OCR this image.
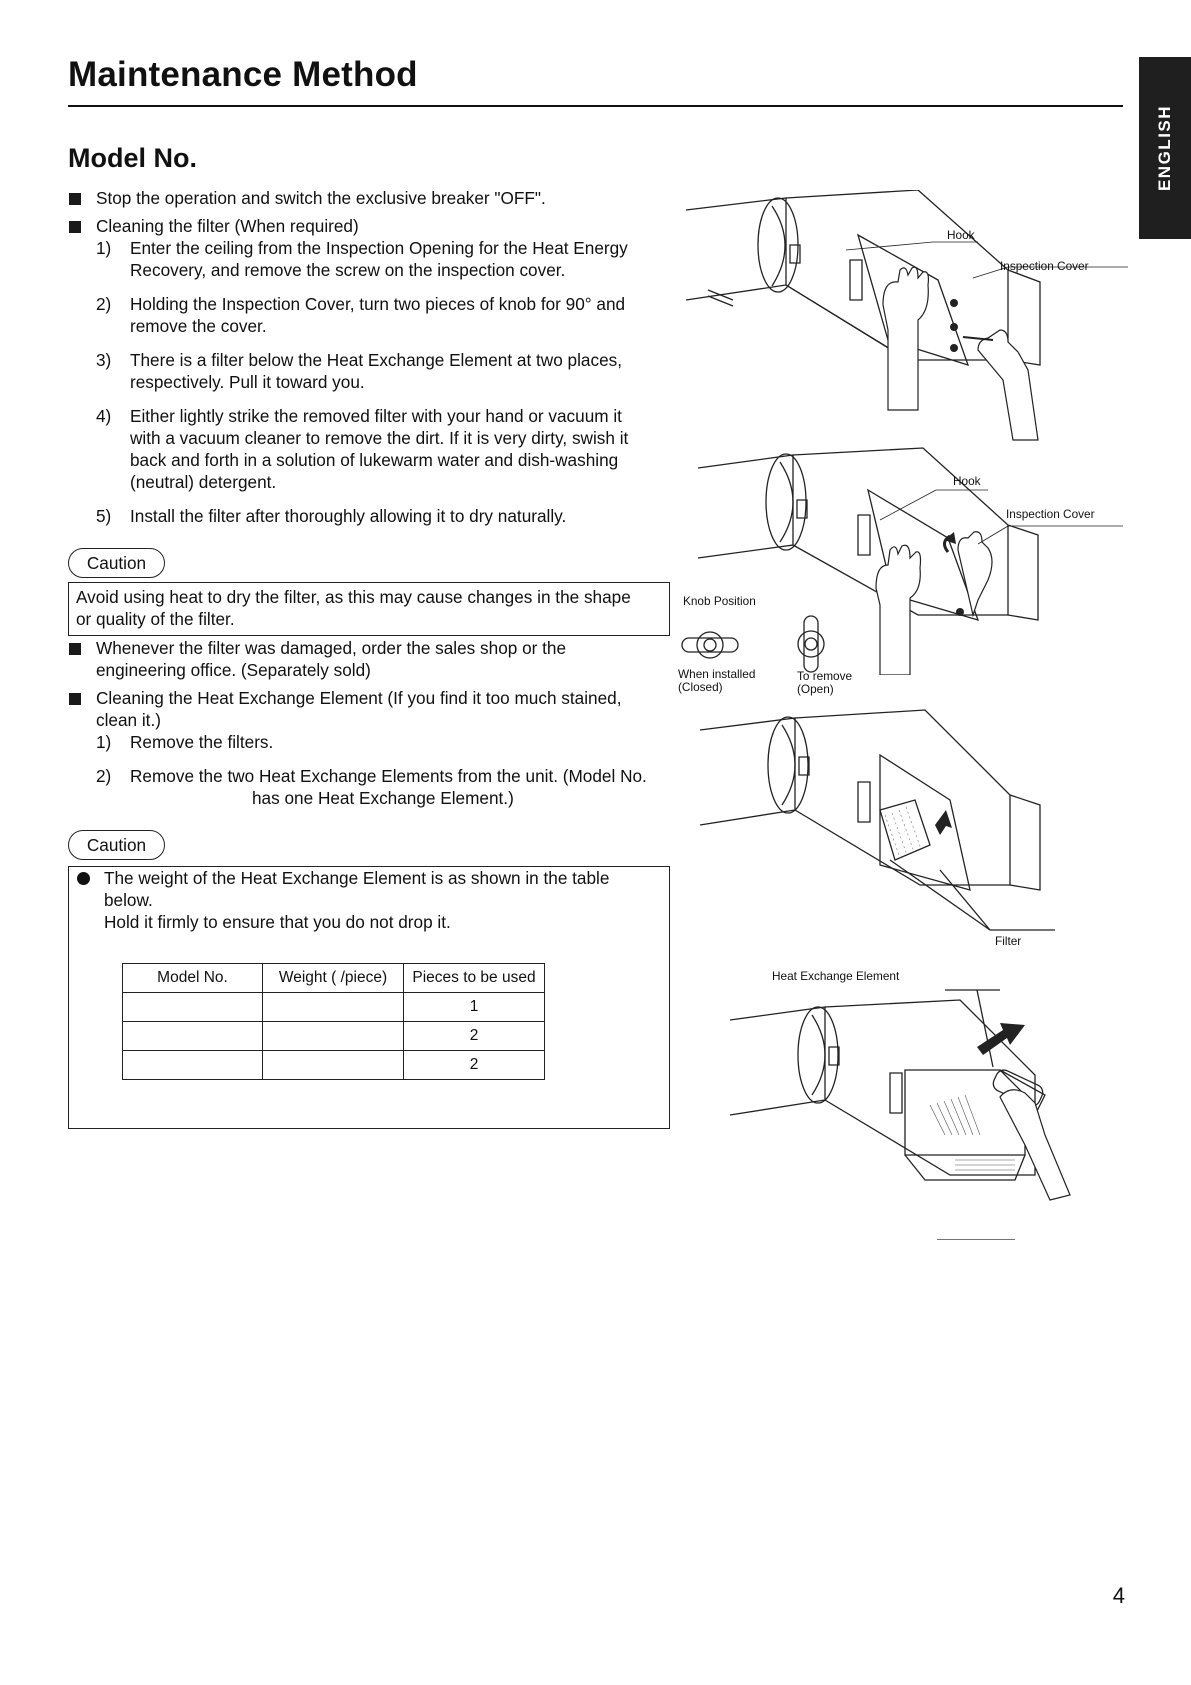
Maintenance Method
ENGLISH
Model No.
Stop the operation and switch the exclusive breaker "OFF".
Cleaning the filter (When required)
1) Enter the ceiling from the Inspection Opening for the Heat Energy
Recovery, and remove the screw on the inspection cover.
2) Holding the Inspection Cover, turn two pieces of knob for 90° and
remove the cover.
3) There is a filter below the Heat Exchange Element at two places,
respectively. Pull it toward you.
4) Either lightly strike the removed filter with your hand or vacuum it
with a vacuum cleaner to remove the dirt. If it is very dirty, swish it
back and forth in a solution of lukewarm water and dish-washing
(neutral) detergent.
5) Install the filter after thoroughly allowing it to dry naturally.
Caution
Avoid using heat to dry the filter, as this may cause changes in the shape
or quality of the filter.
Whenever the filter was damaged, order the sales shop or the
engineering office. (Separately sold)
Cleaning the Heat Exchange Element (If you find it too much stained,
clean it.)
1) Remove the filters.
2) Remove the two Heat Exchange Elements from the unit. (Model No.
has one Heat Exchange Element.)
Caution
The weight of the Heat Exchange Element is as shown in the table
below.
Hold it firmly to ensure that you do not drop it.
Model No.	Weight ( /piece)	Pieces to be used
		1
		2
		2
Hook
Inspection Cover
Hook
Inspection Cover
Knob Position
When installed
(Closed)
To remove
(Open)
Filter
Heat Exchange Element
4
